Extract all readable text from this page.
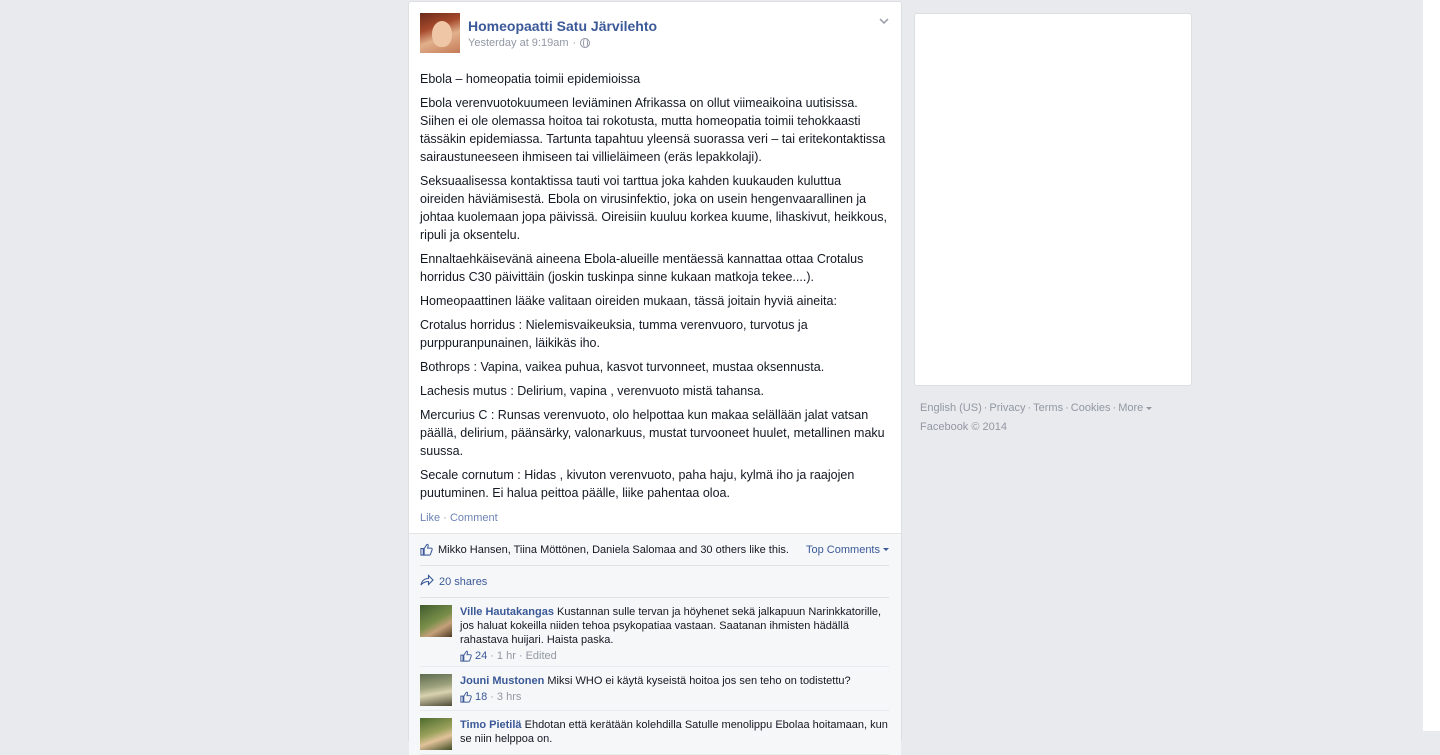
Homeopaatti Satu Järvilehto
Yesterday at 9:19am ·

Ebola – homeopatia toimii epidemioissa

Ebola verenvuotokuumeen leviäminen Afrikassa on ollut viimeaikoina uutisissa. Siihen ei ole olemassa hoitoa tai rokotusta, mutta homeopatia toimii tehokkaasti tässäkin epidemiassa. Tartunta tapahtuu yleensä suorassa veri – tai eritekontaktissa sairaustuneeseen ihmiseen tai villieläimeen (eräs lepakkolaji).

Seksuaalisessa kontaktissa tauti voi tarttua joka kahden kuukauden kuluttua oireiden häviämisestä. Ebola on virusinfektio, joka on usein hengenvaarallinen ja johtaa kuolemaan jopa päivissä. Oireisiin kuuluu korkea kuume, lihaskivut, heikkous, ripuli ja oksentelu.

Ennaltaehkäisevänä aineena Ebola-alueille mentäessä kannattaa ottaa Crotalus horridus C30 päivittäin (joskin tuskinpa sinne kukaan matkoja tekee....).

Homeopaattinen lääke valitaan oireiden mukaan, tässä joitain hyviä aineita:

Crotalus horridus : Nielemisvaikeuksia, tumma verenvuoro, turvotus ja purppuranpunainen, läikikäs iho.

Bothrops : Vapina, vaikea puhua, kasvot turvonneet, mustaa oksennusta.

Lachesis mutus : Delirium, vapina , verenvuoto mistä tahansa.

Mercurius C : Runsas verenvuoto, olo helpottaa kun makaa selällään jalat vatsan päällä, delirium, päänsärky, valonarkuus, mustat turvooneet huulet, metallinen maku suussa.

Secale cornutum : Hidas , kivuton verenvuoto, paha haju, kylmä iho ja raajojen puutuminen. Ei halua peittoa päälle, liike pahentaa oloa.

Like · Comment
Mikko Hansen, Tiina Möttönen, Daniela Salomaa and 30 others like this. Top Comments
20 shares
Ville Hautakangas Kustannan sulle tervan ja höyhenet sekä jalkapuun Narinkkatorille, jos haluat kokeilla niiden tehoa psykopatiaa vastaan. Saatanan ihmisten hädällä rahastava huijari. Haista paska.
24 · 1 hr · Edited
Jouni Mustonen Miksi WHO ei käytä kyseistä hoitoa jos sen teho on todistettu?
18 · 3 hrs
Timo Pietilä Ehdotan että kerätään kolehdilla Satulle menolippu Ebolaa hoitamaan, kun se niin helppoa on.
English (US) · Privacy · Terms · Cookies · More
Facebook © 2014
